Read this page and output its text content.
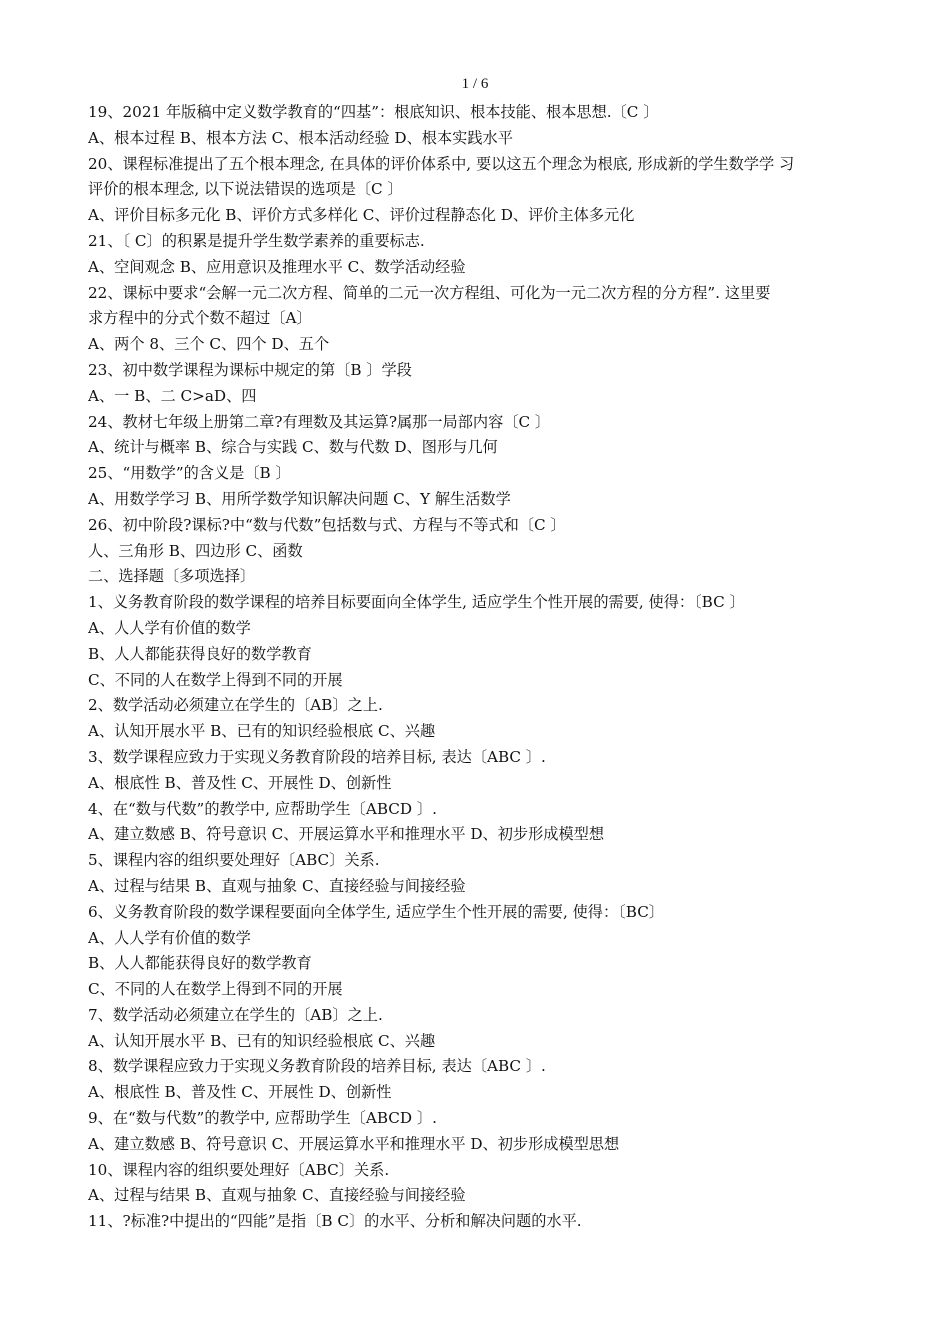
1 / 6
19、2021 年版稿中定义数学教育的“四基”：根底知识、根本技能、根本思想.〔C 〕
A、根本过程 B、根本方法 C、根本活动经验 D、根本实践水平
20、课程标准提出了五个根本理念, 在具体的评价体系中, 要以这五个理念为根底, 形成新的学生数学学 习
评价的根本理念, 以下说法错误的选项是〔C 〕
A、评价目标多元化 B、评价方式多样化 C、评价过程静态化 D、评价主体多元化
21、〔 C〕的积累是提升学生数学素养的重要标志.
A、空间观念 B、应用意识及推理水平 C、数学活动经验
22、课标中要求“会解一元二次方程、简单的二元一次方程组、可化为一元二次方程的分方程”. 这里要
求方程中的分式个数不超过〔A〕
A、两个 8、三个 C、四个 D、五个
23、初中数学课程为课标中规定的第〔B 〕学段
A、一 B、二 C>aD、四
24、教材七年级上册第二章?有理数及其运算?属那一局部内容〔C 〕
A、统计与概率 B、综合与实践 C、数与代数 D、图形与几何
25、“用数学”的含义是〔B 〕
A、用数学学习 B、用所学数学知识解决问题 C、Y 解生活数学
26、初中阶段?课标?中“数与代数”包括数与式、方程与不等式和〔C 〕
人、三角形 B、四边形 C、函数
二、选择题〔多项选择〕
1、义务教育阶段的数学课程的培养目标要面向全体学生, 适应学生个性开展的需要, 使得：〔BC 〕
A、人人学有价值的数学
B、人人都能获得良好的数学教育
C、不同的人在数学上得到不同的开展
2、数学活动必须建立在学生的〔AB〕之上.
A、认知开展水平 B、已有的知识经验根底 C、兴趣
3、数学课程应致力于实现义务教育阶段的培养目标, 表达〔ABC 〕.
A、根底性 B、普及性 C、开展性 D、创新性
4、在“数与代数”的教学中, 应帮助学生〔ABCD 〕.
A、建立数感 B、符号意识 C、开展运算水平和推理水平 D、初步形成模型想
5、课程内容的组织要处理好〔ABC〕关系.
A、过程与结果 B、直观与抽象 C、直接经验与间接经验
6、义务教育阶段的数学课程要面向全体学生, 适应学生个性开展的需要, 使得：〔BC〕
A、人人学有价值的数学
B、人人都能获得良好的数学教育
C、不同的人在数学上得到不同的开展
7、数学活动必须建立在学生的〔AB〕之上.
A、认知开展水平 B、已有的知识经验根底 C、兴趣
8、数学课程应致力于实现义务教育阶段的培养目标, 表达〔ABC 〕.
A、根底性 B、普及性 C、开展性 D、创新性
9、在“数与代数”的教学中, 应帮助学生〔ABCD 〕.
A、建立数感 B、符号意识 C、开展运算水平和推理水平 D、初步形成模型思想
10、课程内容的组织要处理好〔ABC〕关系.
A、过程与结果 B、直观与抽象 C、直接经验与间接经验
11、?标准?中提出的“四能”是指〔B C〕的水平、分析和解决问题的水平.
